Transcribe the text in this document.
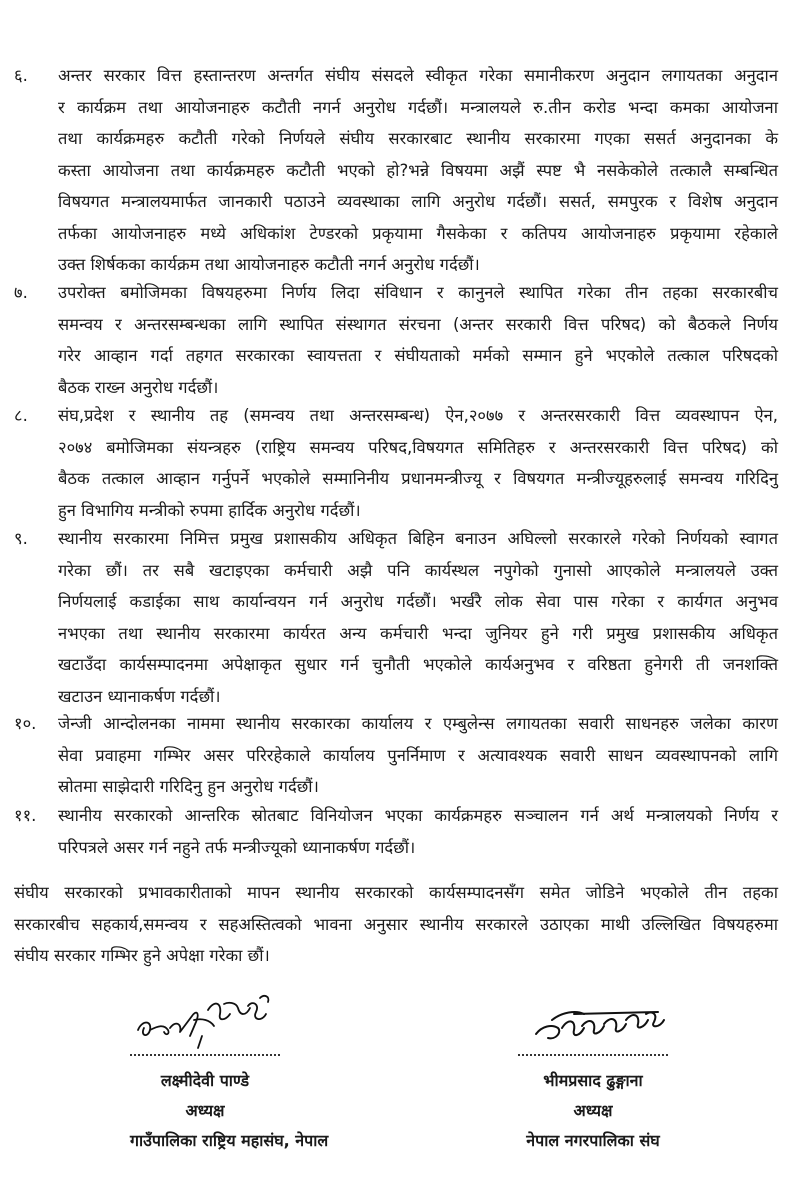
६. अन्तर सरकार वित्त हस्तान्तरण अन्तर्गत संघीय संसदले स्वीकृत गरेका समानीकरण अनुदान लगायतका अनुदान
र कार्यक्रम तथा आयोजनाहरु कटौती नगर्न अनुरोध गर्दछौं। मन्त्रालयले रु.तीन करोड भन्दा कमका आयोजना
तथा कार्यक्रमहरु कटौती गरेको निर्णयले संघीय सरकारबाट स्थानीय सरकारमा गएका ससर्त अनुदानका के
कस्ता आयोजना तथा कार्यक्रमहरु कटौती भएको हो?भन्ने विषयमा अझैं स्पष्ट भै नसकेकोले तत्कालै सम्बन्धित
विषयगत मन्त्रालयमार्फत जानकारी पठाउने व्यवस्थाका लागि अनुरोध गर्दछौं। ससर्त, समपुरक र विशेष अनुदान
तर्फका आयोजनाहरु मध्ये अधिकांश टेण्डरको प्रकृयामा गैसकेका र कतिपय आयोजनाहरु प्रकृयामा रहेकाले
उक्त शिर्षकका कार्यक्रम तथा आयोजनाहरु कटौती नगर्न अनुरोध गर्दछौं।
७. उपरोक्त बमोजिमका विषयहरुमा निर्णय लिदा संविधान र कानुनले स्थापित गरेका तीन तहका सरकारबीच
समन्वय र अन्तरसम्बन्धका लागि स्थापित संस्थागत संरचना (अन्तर सरकारी वित्त परिषद) को बैठकले निर्णय
गरेर आव्हान गर्दा तहगत सरकारका स्वायत्तता र संघीयताको मर्मको सम्मान हुने भएकोले तत्काल परिषदको
बैठक राख्न अनुरोध गर्दछौं।
८. संघ,प्रदेश र स्थानीय तह (समन्वय तथा अन्तरसम्बन्ध) ऐन,२०७७ र अन्तरसरकारी वित्त व्यवस्थापन ऐन,
२०७४ बमोजिमका संयन्त्रहरु (राष्ट्रिय समन्वय परिषद,विषयगत समितिहरु र अन्तरसरकारी वित्त परिषद) को
बैठक तत्काल आव्हान गर्नुपर्ने भएकोले सम्मानिनीय प्रधानमन्त्रीज्यू र विषयगत मन्त्रीज्यूहरुलाई समन्वय गरिदिनु
हुन विभागिय मन्त्रीको रुपमा हार्दिक अनुरोध गर्दछौं।
९. स्थानीय सरकारमा निमित्त प्रमुख प्रशासकीय अधिकृत बिहिन बनाउन अघिल्लो सरकारले गरेको निर्णयको स्वागत
गरेका छौं। तर सबै खटाइएका कर्मचारी अझै पनि कार्यस्थल नपुगेको गुनासो आएकोले मन्त्रालयले उक्त
निर्णयलाई कडाईका साथ कार्यान्वयन गर्न अनुरोध गर्दछौं। भर्खरै लोक सेवा पास गरेका र कार्यगत अनुभव
नभएका तथा स्थानीय सरकारमा कार्यरत अन्य कर्मचारी भन्दा जुनियर हुने गरी प्रमुख प्रशासकीय अधिकृत
खटाउँदा कार्यसम्पादनमा अपेक्षाकृत सुधार गर्न चुनौती भएकोले कार्यअनुभव र वरिष्ठता हुनेगरी ती जनशक्ति
खटाउन ध्यानाकर्षण गर्दछौं।
१०. जेन्जी आन्दोलनका नाममा स्थानीय सरकारका कार्यालय र एम्बुलेन्स लगायतका सवारी साधनहरु जलेका कारण
सेवा प्रवाहमा गम्भिर असर परिरहेकाले कार्यालय पुनर्निमाण र अत्यावश्यक सवारी साधन व्यवस्थापनको लागि
स्रोतमा साझेदारी गरिदिनु हुन अनुरोध गर्दछौं।
११. स्थानीय सरकारको आन्तरिक स्रोतबाट विनियोजन भएका कार्यक्रमहरु सञ्चालन गर्न अर्थ मन्त्रालयको निर्णय र
परिपत्रले असर गर्न नहुने तर्फ मन्त्रीज्यूको ध्यानाकर्षण गर्दछौं।
संघीय सरकारको प्रभावकारीताको मापन स्थानीय सरकारको कार्यसम्पादनसँग समेत जोडिने भएकोले तीन तहका
सरकारबीच सहकार्य,समन्वय र सहअस्तित्वको भावना अनुसार स्थानीय सरकारले उठाएका माथी उल्लिखित विषयहरुमा
संघीय सरकार गम्भिर हुने अपेक्षा गरेका छौं।
लक्ष्मीदेवी पाण्डे
अध्यक्ष
गाउँपालिका राष्ट्रिय महासंघ, नेपाल
भीमप्रसाद ढुङ्गाना
अध्यक्ष
नेपाल नगरपालिका संघ
